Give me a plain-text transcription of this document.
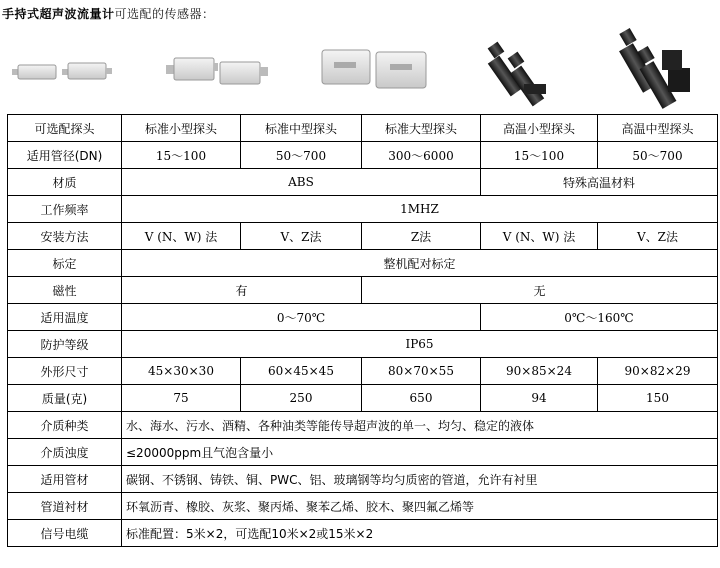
手持式超声波流量计可选配的传感器：
可选配探头	标准小型探头	标准中型探头	标准大型探头	高温小型探头	高温中型探头
适用管径(DN)	15～100	50～700	300～6000	15～100	50～700
材质	ABS			特殊高温材料	
工作频率	1MHZ				
安装方法	V (N、W) 法	V、Z法	Z法	V (N、W) 法	V、Z法
标定	整机配对标定				
磁性	有		无		
适用温度	0～70℃			0℃～160℃	
防护等级	IP65				
外形尺寸	45×30×30	60×45×45	80×70×55	90×85×24	90×82×29
质量(克)	75	250	650	94	150
介质种类	水、海水、污水、酒精、各种油类等能传导超声波的单一、均匀、稳定的液体				
介质浊度	≤20000ppm且气泡含量小				
适用管材	碳钢、不锈钢、铸铁、铜、PWC、铝、玻璃钢等均匀质密的管道，允许有衬里				
管道衬材	环氧沥青、橡胶、灰浆、聚丙烯、聚苯乙烯、胶木、聚四氟乙烯等				
信号电缆	标准配置：5米×2，可选配10米×2或15米×2				
